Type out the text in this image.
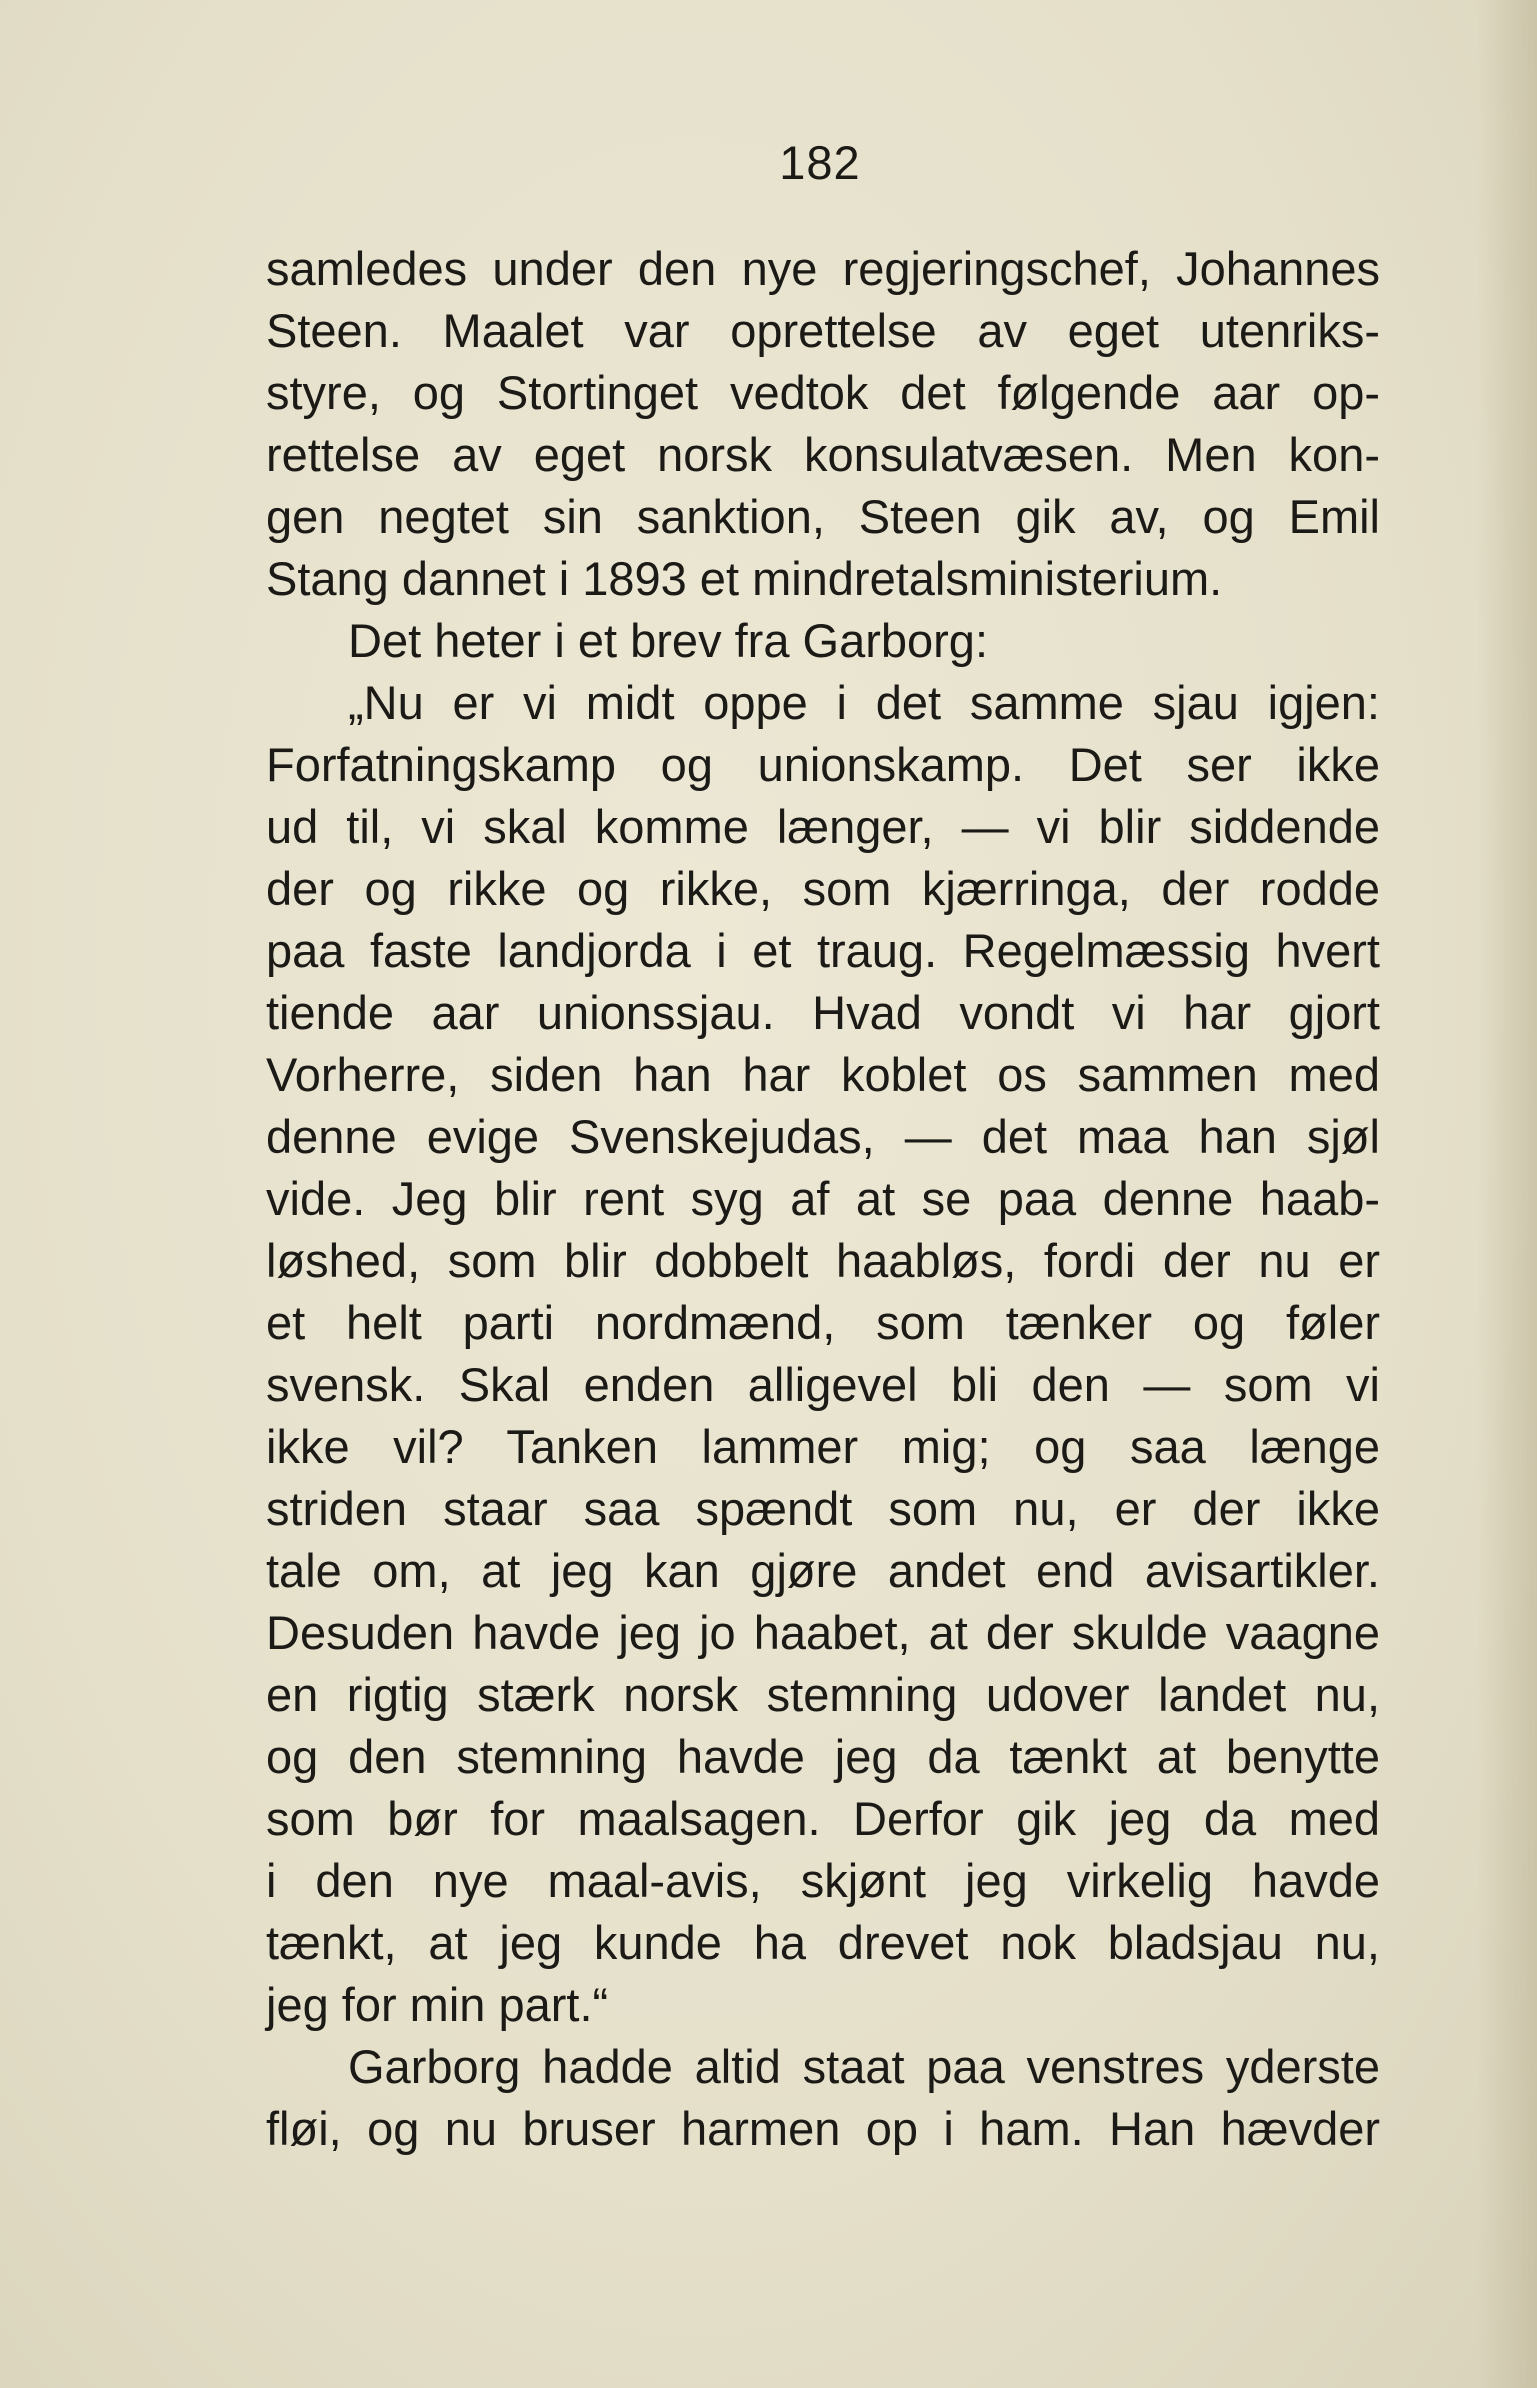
182
samledes under den nye regjeringschef, Johannes
Steen. Maalet var oprettelse av eget utenriks-
styre, og Stortinget vedtok det følgende aar op-
rettelse av eget norsk konsulatvæsen. Men kon-
gen negtet sin sanktion, Steen gik av, og Emil
Stang dannet i 1893 et mindretalsministerium.
Det heter i et brev fra Garborg:
„Nu er vi midt oppe i det samme sjau igjen:
Forfatningskamp og unionskamp. Det ser ikke
ud til, vi skal komme længer, — vi blir siddende
der og rikke og rikke, som kjærringa, der rodde
paa faste landjorda i et traug. Regelmæssig hvert
tiende aar unionssjau. Hvad vondt vi har gjort
Vorherre, siden han har koblet os sammen med
denne evige Svenskejudas, — det maa han sjøl
vide. Jeg blir rent syg af at se paa denne haab-
løshed, som blir dobbelt haabløs, fordi der nu er
et helt parti nordmænd, som tænker og føler
svensk. Skal enden alligevel bli den — som vi
ikke vil? Tanken lammer mig; og saa længe
striden staar saa spændt som nu, er der ikke
tale om, at jeg kan gjøre andet end avisartikler.
Desuden havde jeg jo haabet, at der skulde vaagne
en rigtig stærk norsk stemning udover landet nu,
og den stemning havde jeg da tænkt at benytte
som bør for maalsagen. Derfor gik jeg da med
i den nye maal-avis, skjønt jeg virkelig havde
tænkt, at jeg kunde ha drevet nok bladsjau nu,
jeg for min part.“
Garborg hadde altid staat paa venstres yderste
fløi, og nu bruser harmen op i ham. Han hævder
